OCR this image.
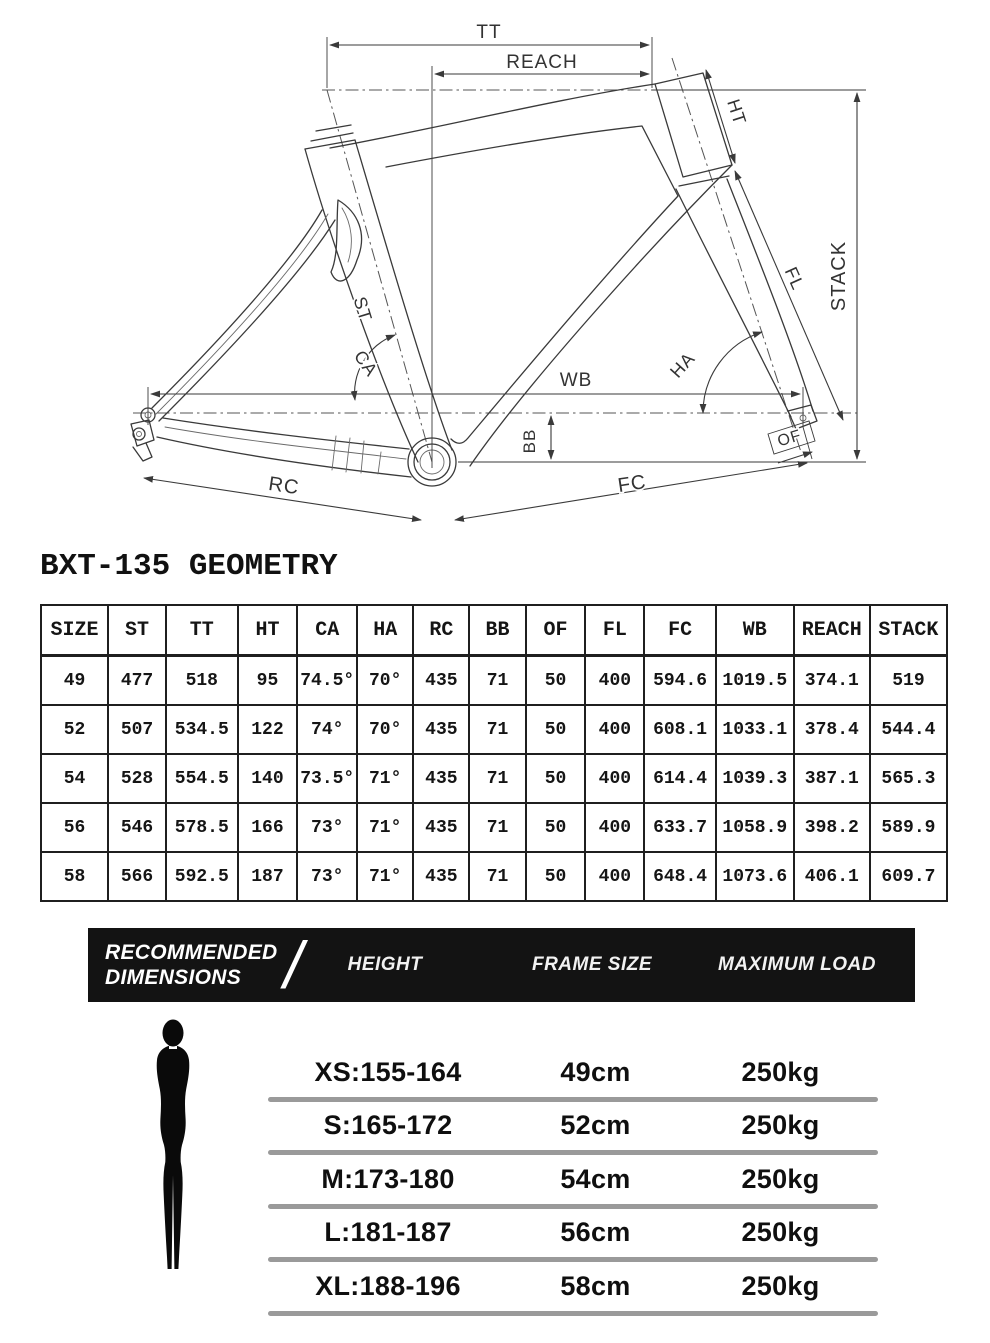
TT
REACH
HT
FL STACK
ST
CA	HA
WB
BB	OF
RC	FC
BXT-135 GEOMETRY
SIZE	ST	TT	HT	CA	HA	RC	BB	OF	FL	FC	WB	REACH	STACK
49	477	518	95	74.5°	70°	435	71	50	400	594.6	1019.5	374.1	519
52	507	534.5	122	74°	70°	435	71	50	400	608.1	1033.1	378.4	544.4
54	528	554.5	140	73.5°	71°	435	71	50	400	614.4	1039.3	387.1	565.3
56	546	578.5	166	73°	71°	435	71	50	400	633.7	1058.9	398.2	589.9
58	566	592.5	187	73°	71°	435	71	50	400	648.4	1073.6	406.1	609.7
RECOMMENDED
DIMENSIONS / HEIGHT	FRAME SIZE	MAXIMUM LOAD
XS:155-164	49cm	250kg
S:165-172	52cm	250kg
M:173-180	54cm	250kg
L:181-187	56cm	250kg
XL:188-196	58cm	250kg
